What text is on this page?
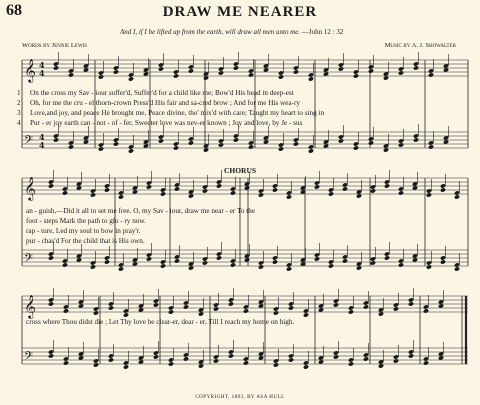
68	DRAW ME NEARER
And I, if I be lifted up from the earth, will draw all men unto me. —John 12 : 32
Words by Jennie Lewis	Music by A. J. Showalter
𝄞
𝄢
𝄞
𝄢
𝄞
𝄢
4
4
4
4
1 On the cross my Sav - iour suffer'd, Suffer'd for a child like me; Bow'd His head in deep-est
2 Oh, for me the cru - el thorn-crown Press'd His fair and sa-cred brow ; And for me His wea-ry
3 Love,and joy, and peace He brought me, Peace divine, tho' mix'd with care; Taught my heart to sing in
4 Pur - er joy earth can - not - of - fer, Sweeter love was nev-er known ; Joy and love, by Je - sus
CHORUS
an - guish,—Did it all to set me free. O, my Sav - iour, draw me near - er To the
foot - steps Mark the path to glo - ry now.
rap - ture, Led my soul to bow in pray'r.
pur - chas'd For the child that is His own.
cross where Thou didst die ; Let Thy love be clear-er, dear - er, Till I reach my home on high.
COPYRIGHT, 1893, BY ASA HULL
